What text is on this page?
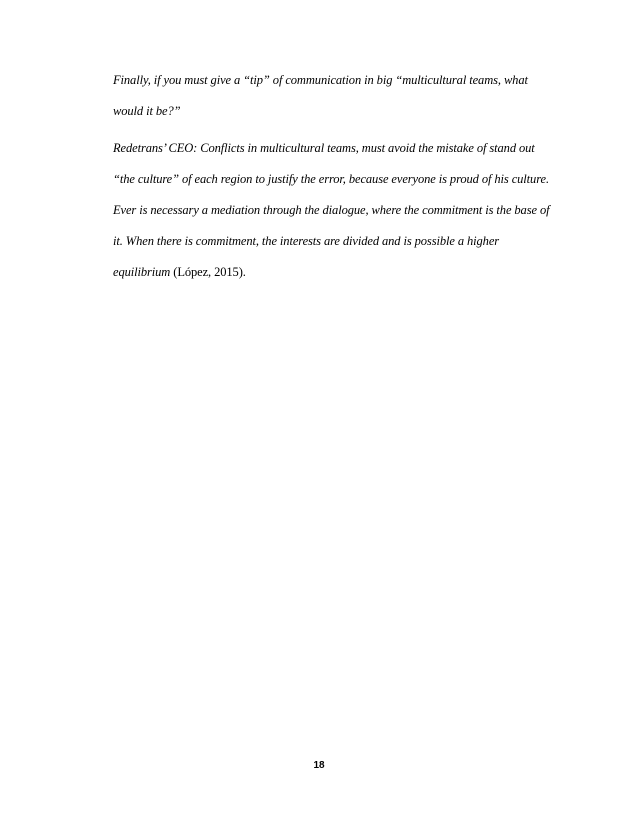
Finally, if you must give a “tip” of communication in big “multicultural teams, what
would it be?”
Redetrans’ CEO: Conflicts in multicultural teams, must avoid the mistake of stand out
“the culture” of each region to justify the error, because everyone is proud of his culture.
Ever is necessary a mediation through the dialogue, where the commitment is the base of
it. When there is commitment, the interests are divided and is possible a higher
equilibrium (López, 2015).
18
